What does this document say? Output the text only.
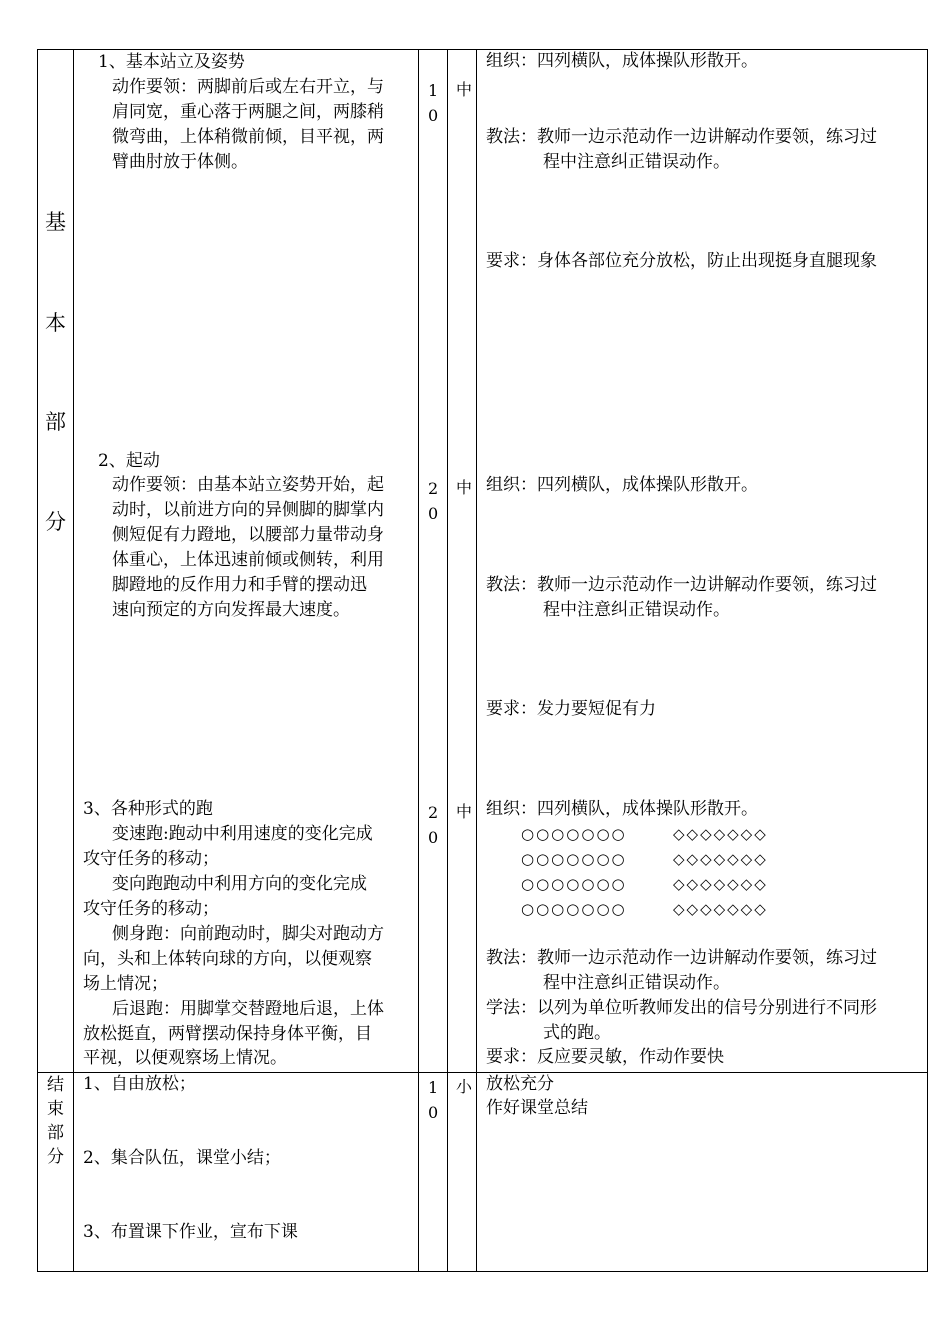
基
本
部
分
1、基本站立及姿势
动作要领：两脚前后或左右开立，与
肩同宽，重心落于两腿之间，两膝稍
微弯曲，上体稍微前倾，目平视，两
臂曲肘放于体侧。
1
0
中
组织：四列横队，成体操队形散开。
教法：教师一边示范动作一边讲解动作要领，练习过
程中注意纠正错误动作。
要求：身体各部位充分放松，防止出现挺身直腿现象
2、起动
动作要领：由基本站立姿势开始，起
动时，以前进方向的异侧脚的脚掌内
侧短促有力蹬地，以腰部力量带动身
体重心，上体迅速前倾或侧转，利用
脚蹬地的反作用力和手臂的摆动迅
速向预定的方向发挥最大速度。
2
0
中 组织：四列横队，成体操队形散开。
教法：教师一边示范动作一边讲解动作要领，练习过
程中注意纠正错误动作。
要求：发力要短促有力
3、各种形式的跑
变速跑:跑动中利用速度的变化完成
攻守任务的移动；
变向跑跑动中利用方向的变化完成
攻守任务的移动；
侧身跑：向前跑动时，脚尖对跑动方
向，头和上体转向球的方向，以便观察
场上情况；
后退跑：用脚掌交替蹬地后退，上体
放松挺直，两臂摆动保持身体平衡，目
平视，以便观察场上情况。
2
0
中 组织：四列横队，成体操队形散开。
○○○○○○○
○○○○○○○
○○○○○○○
○○○○○○○
◇◇◇◇◇◇◇
◇◇◇◇◇◇◇
◇◇◇◇◇◇◇
◇◇◇◇◇◇◇
教法：教师一边示范动作一边讲解动作要领，练习过
程中注意纠正错误动作。
学法：以列为单位听教师发出的信号分别进行不同形
式的跑。
要求：反应要灵敏，作动作要快
结
束
部
分
1、自由放松；
2、集合队伍，课堂小结；
3、布置课下作业，宣布下课
1
0
小 放松充分
作好课堂总结
